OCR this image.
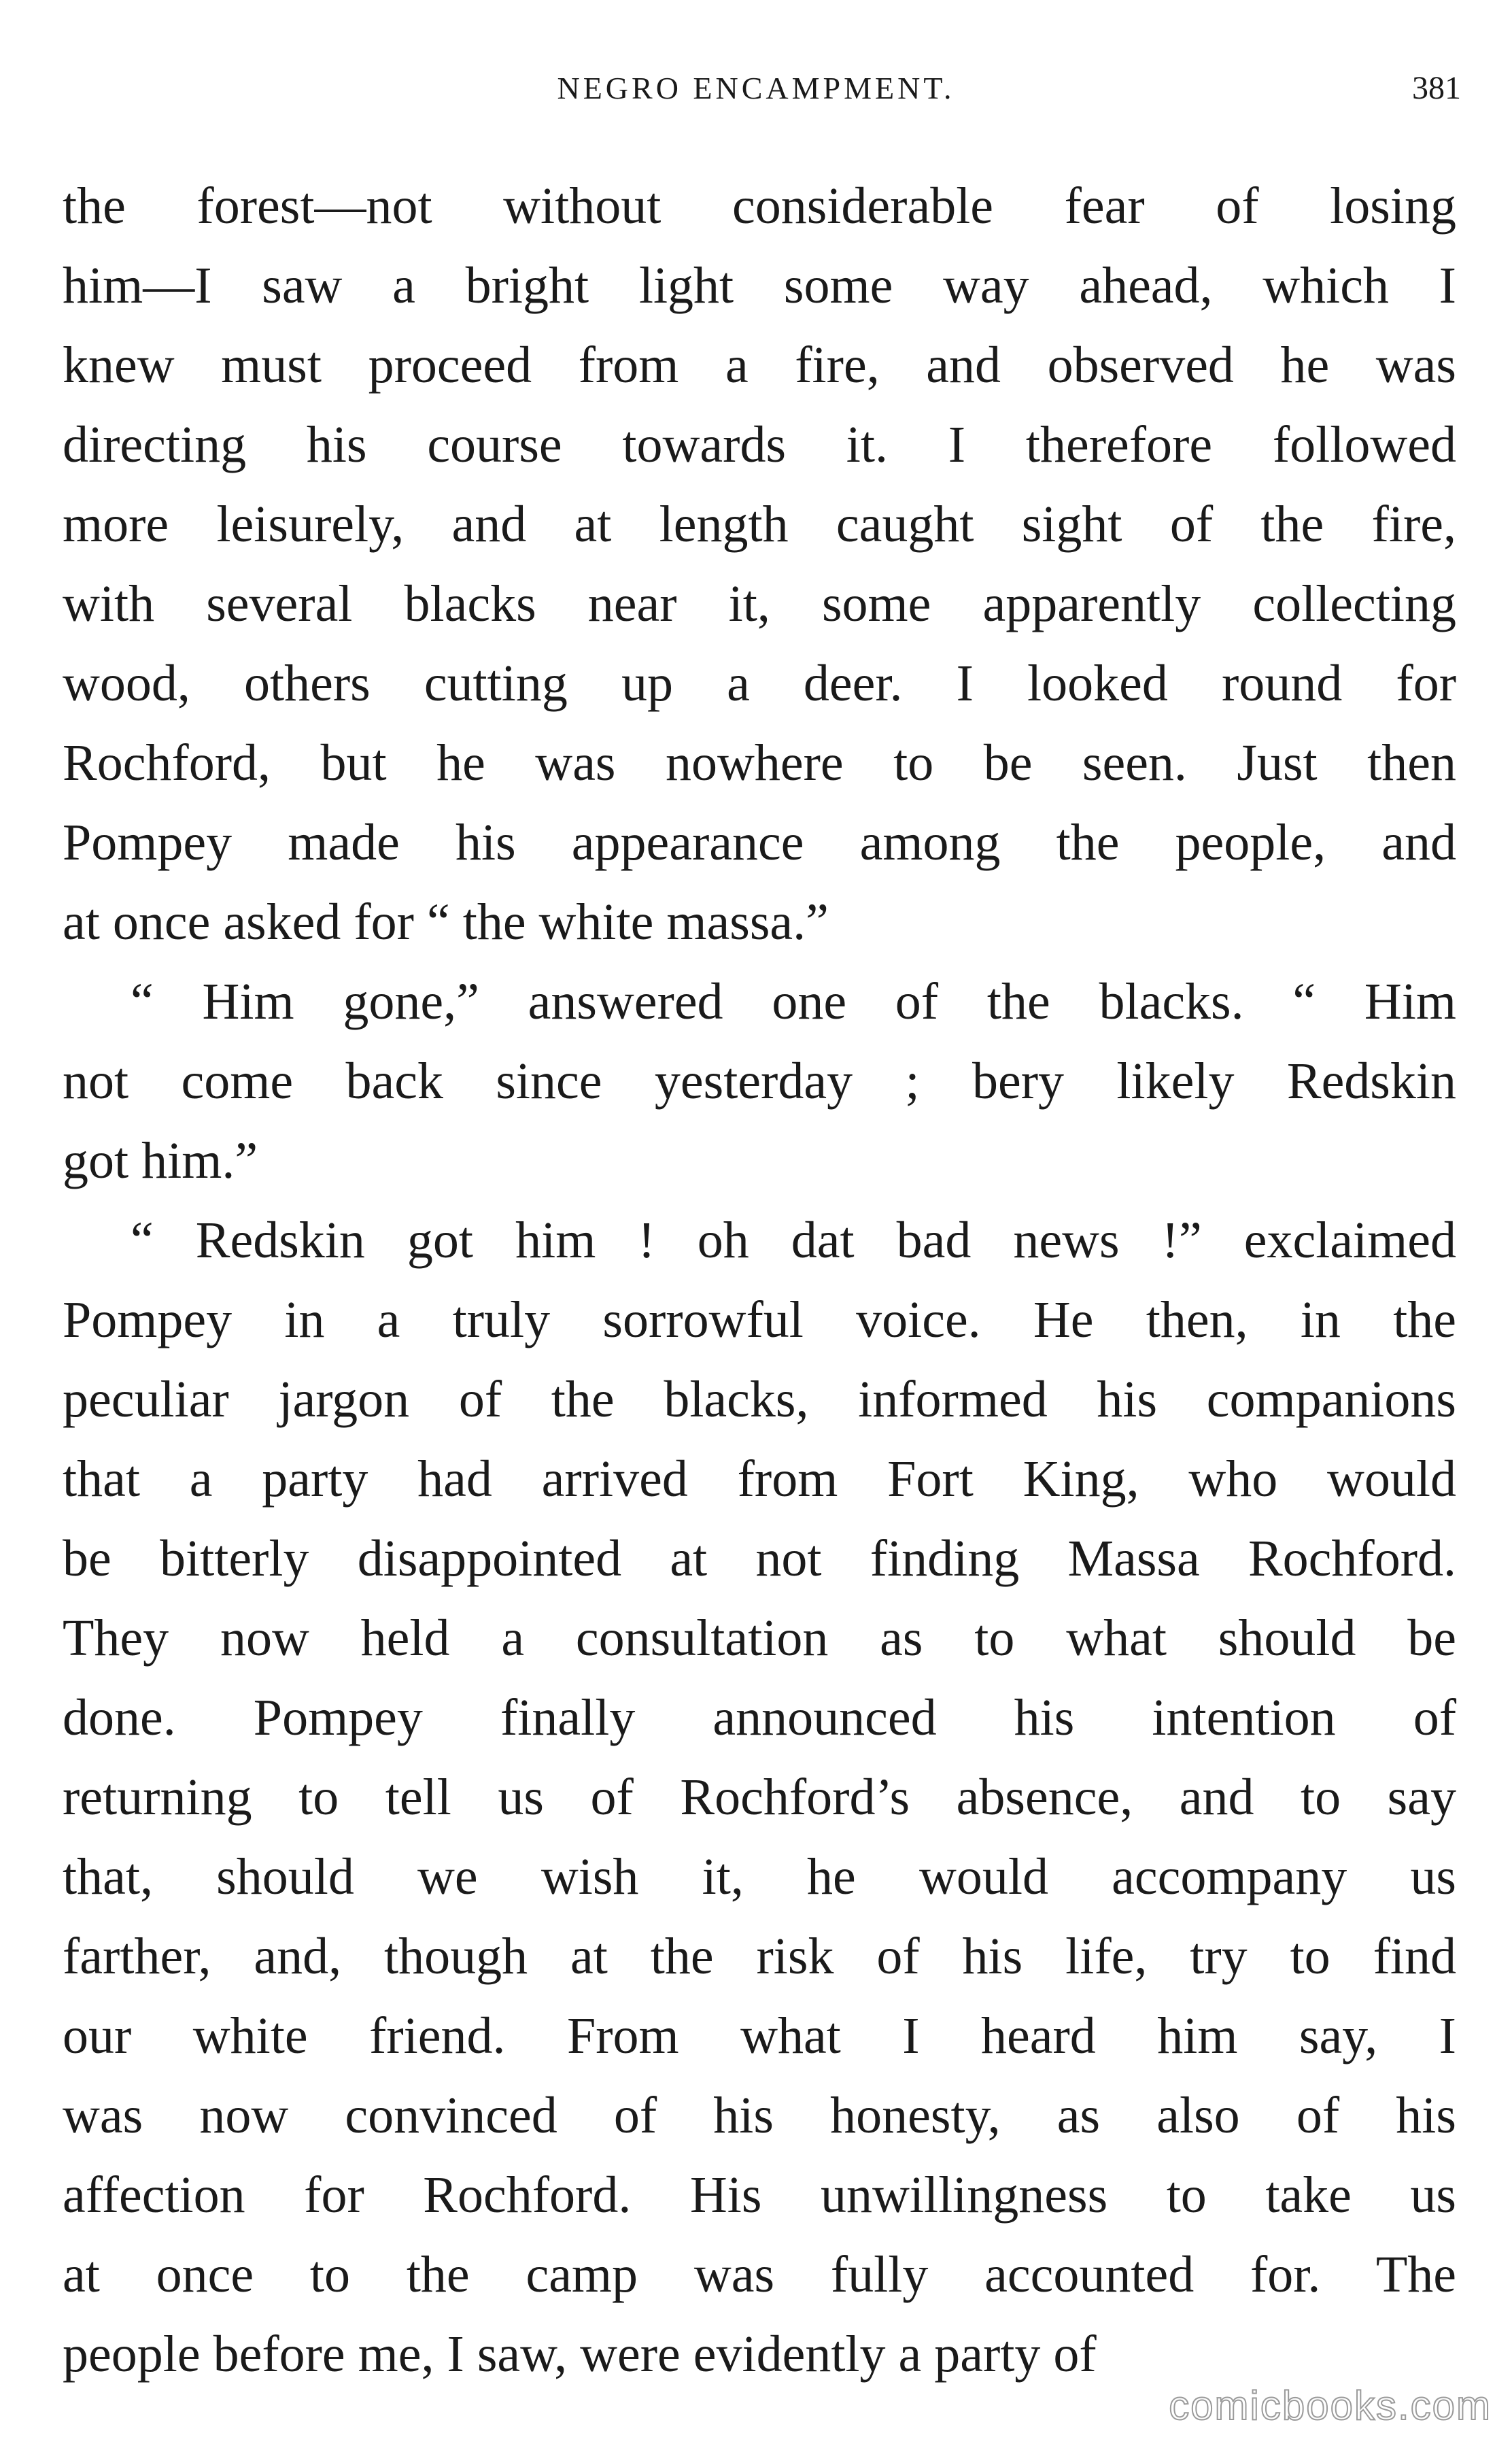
NEGRO ENCAMPMENT.	381
the forest—not without considerable fear of losing
him—I saw a bright light some way ahead, which I
knew must proceed from a fire, and observed he was
directing his course towards it. I therefore followed
more leisurely, and at length caught sight of the fire,
with several blacks near it, some apparently collecting
wood, others cutting up a deer. I looked round for
Rochford, but he was nowhere to be seen. Just then
Pompey made his appearance among the people, and
at once asked for “ the white massa.”
“ Him gone,” answered one of the blacks. “ Him
not come back since yesterday ; bery likely Redskin
got him.”
“ Redskin got him ! oh dat bad news !” exclaimed
Pompey in a truly sorrowful voice. He then, in the
peculiar jargon of the blacks, informed his companions
that a party had arrived from Fort King, who would
be bitterly disappointed at not finding Massa Rochford.
They now held a consultation as to what should be
done. Pompey finally announced his intention of
returning to tell us of Rochford’s absence, and to say
that, should we wish it, he would accompany us
farther, and, though at the risk of his life, try to find
our white friend. From what I heard him say, I
was now convinced of his honesty, as also of his
affection for Rochford. His unwillingness to take us
at once to the camp was fully accounted for. The
people before me, I saw, were evidently a party of
comicbooks.com
